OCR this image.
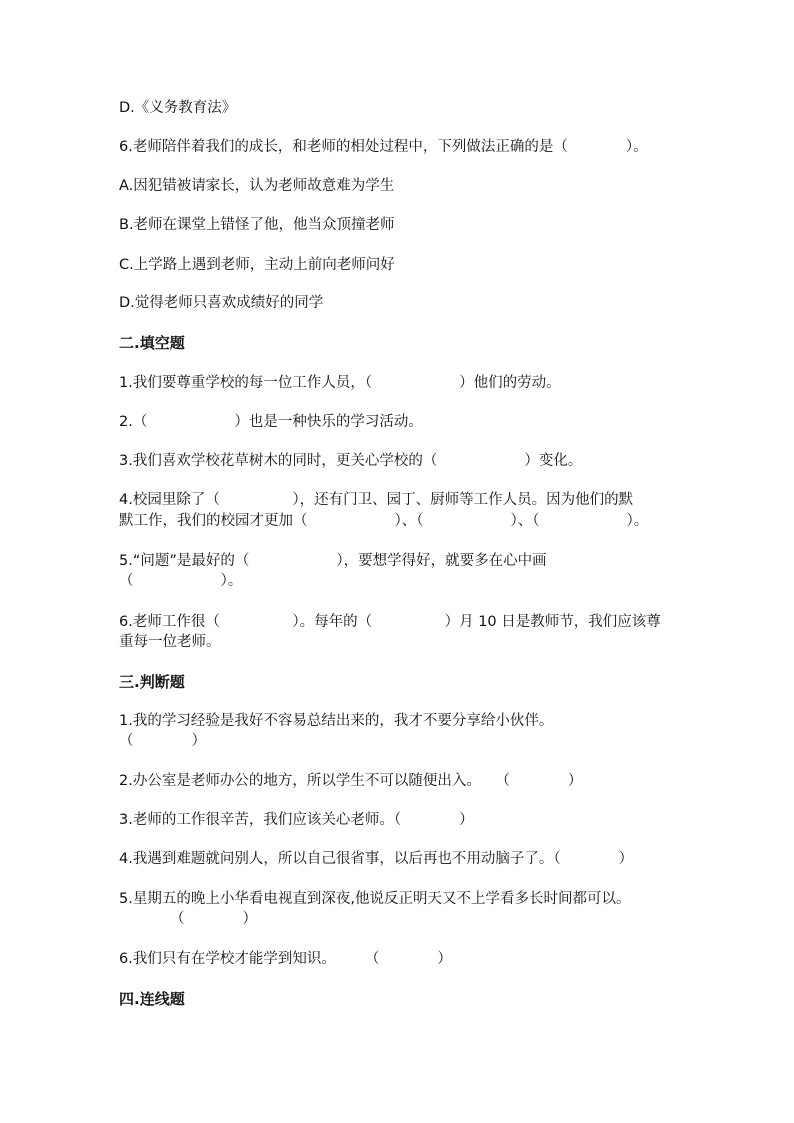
D.《义务教育法》
6.老师陪伴着我们的成长，和老师的相处过程中，下列做法正确的是（　　　　）。
A.因犯错被请家长，认为老师故意难为学生
B.老师在课堂上错怪了他，他当众顶撞老师
C.上学路上遇到老师，主动上前向老师问好
D.觉得老师只喜欢成绩好的同学
二.填空题
1.我们要尊重学校的每一位工作人员，（　　　　　　）他们的劳动。
2.（　　　　　　）也是一种快乐的学习活动。
3.我们喜欢学校花草树木的同时，更关心学校的（　　　　　　）变化。
4.校园里除了（　　　　　），还有门卫、园丁、厨师等工作人员。因为他们的默
默工作，我们的校园才更加（　　　　　　）、（　　　　　　）、（　　　　　　）。
5.“问题”是最好的（　　　　　　），要想学得好，就要多在心中画
（　　　　　　）。
6.老师工作很（　　　　　）。每年的（　　　　　）月 10 日是教师节，我们应该尊
重每一位老师。
三.判断题
1.我的学习经验是我好不容易总结出来的，我才不要分享给小伙伴。
（　　　　）
2.办公室是老师办公的地方，所以学生不可以随便出入。　　（　　　　）
3.老师的工作很辛苦，我们应该关心老师。（　　　　）
4.我遇到难题就问别人，所以自己很省事，以后再也不用动脑子了。（　　　　）
5.星期五的晚上小华看电视直到深夜,他说反正明天又不上学看多长时间都可以。
（　　　　）
6.我们只有在学校才能学到知识。　　　（　　　　）
四.连线题
